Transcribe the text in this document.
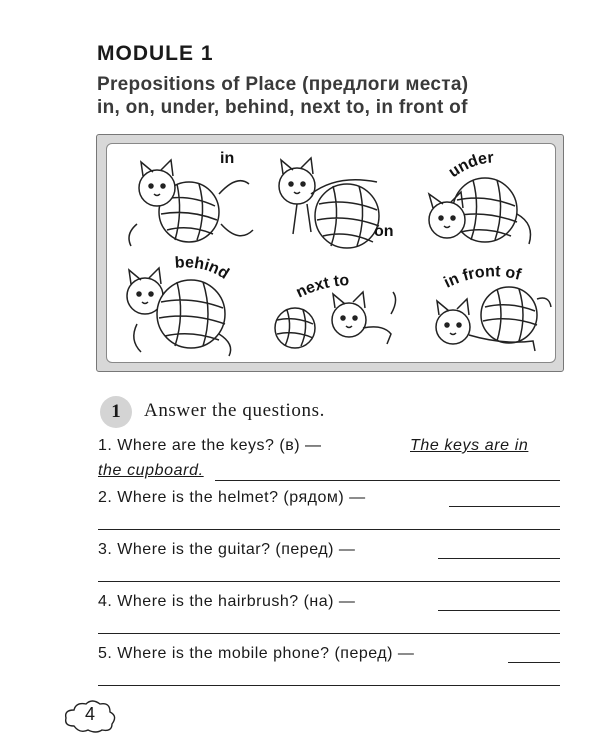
MODULE 1
Prepositions of Place (предлоги места)
in, on, under, behind, next to, in front of
in
on
under
behind
next to	in front of
1	Answer the questions.
1. Where are the keys? (в) —	The keys are in
the cupboard.
2. Where is the helmet? (рядом) —
3. Where is the guitar? (перед) —
4. Where is the hairbrush? (на) —
5. Where is the mobile phone? (перед) —
4
